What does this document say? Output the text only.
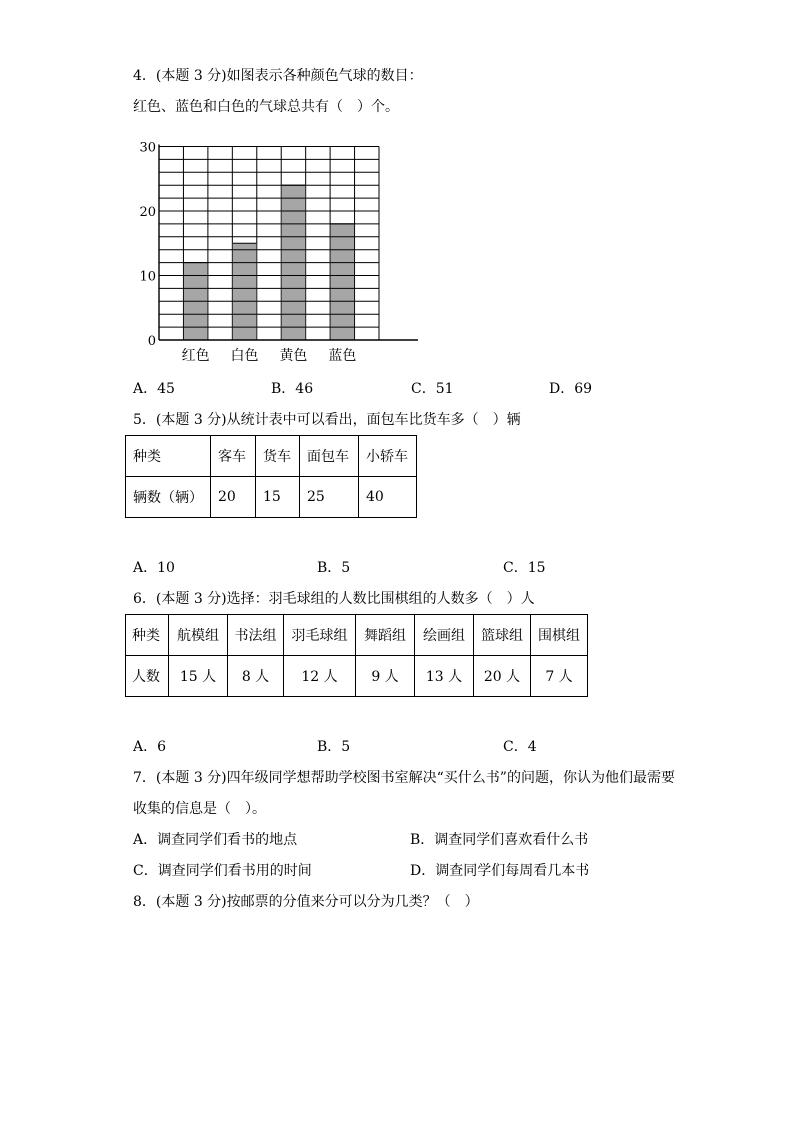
4．(本题 3 分)如图表示各种颜色气球的数目：
红色、蓝色和白色的气球总共有（　）个。
红色 白色 黄色 蓝色
0
10
20
30
A．45	B．46	C．51	D．69
5．(本题 3 分)从统计表中可以看出，面包车比货车多（　）辆
种类	客车	货车	面包车	小轿车
辆数（辆）	20	15	25	40
A．10	B．5	C．15
6．(本题 3 分)选择：羽毛球组的人数比围棋组的人数多（　）人
种类	航模组	书法组	羽毛球组	舞蹈组	绘画组	篮球组	围棋组
人数	15 人	8 人	12 人	9 人	13 人	20 人	7 人
A．6	B．5	C．4
7．(本题 3 分)四年级同学想帮助学校图书室解决“买什么书”的问题，你认为他们最需要
收集的信息是（　）。
A．调查同学们看书的地点	B．调查同学们喜欢看什么书
C．调查同学们看书用的时间	D．调查同学们每周看几本书
8．(本题 3 分)按邮票的分值来分可以分为几类？（　）
